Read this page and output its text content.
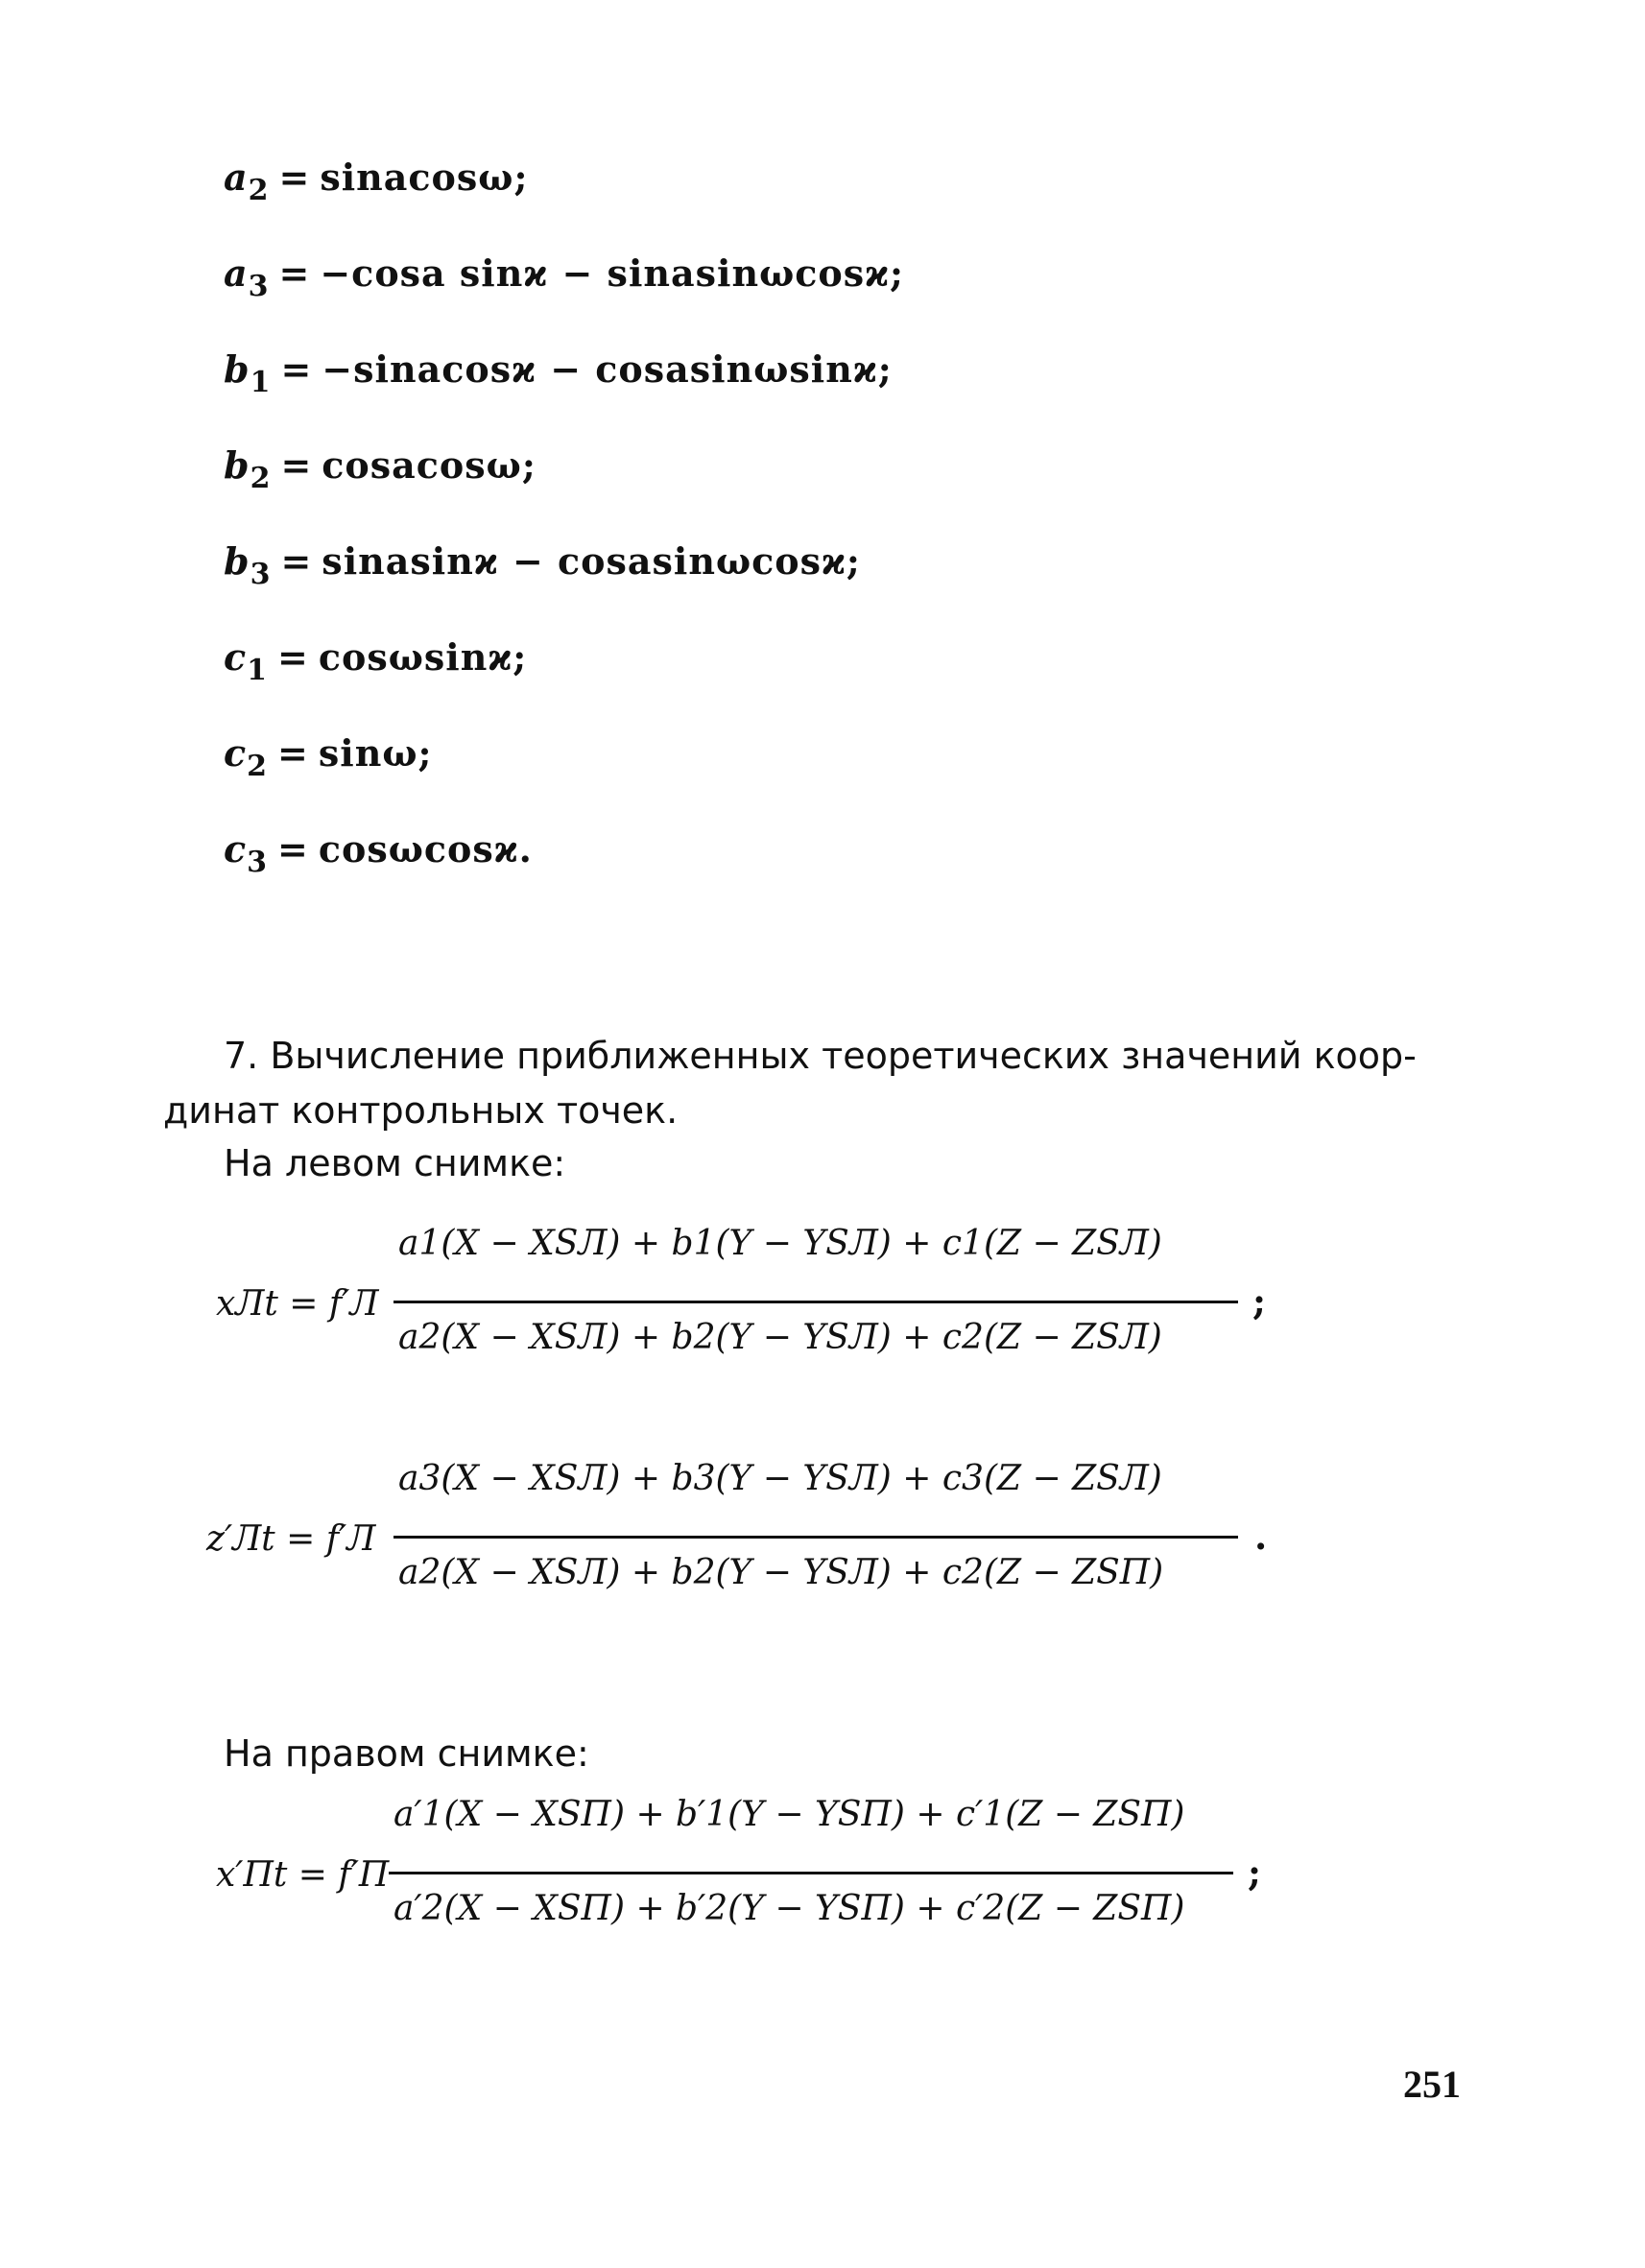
$a_2$ = sinacosω;
$a_3 = -\cos a$ sinϰ − sinasinωcosϰ;
$b_1$ = −sinacosϰ − cosasinωsinϰ;
$b_2$ = cosacosω;
$b_3$ = sinasinϰ − cosasinωcosϰ;
$c_1 = \cos\omega\sin ϰ$;
$c_2 = \sin\omega$;
$c_3 = \cos\omega\cos ϰ$.
7. Вычисление приближенных теоретических значений коор-
динат контрольных точек.
На левом снимке:
xЛt = f′Л
a1(X − XSЛ) + b1(Y − YSЛ) + c1(Z − ZSЛ)
a2(X − XSЛ) + b2(Y − YSЛ) + c2(Z − ZSЛ)
;
z′Лt = f′Л
a3(X − XSЛ) + b3(Y − YSЛ) + c3(Z − ZSЛ)
a2(X − XSЛ) + b2(Y − YSЛ) + c2(Z − ZSП)
.
На правом снимке:
x′Пt = f′П
a′1(X − XSП) + b′1(Y − YSП) + c′1(Z − ZSП)
a′2(X − XSП) + b′2(Y − YSП) + c′2(Z − ZSП)
;
251
